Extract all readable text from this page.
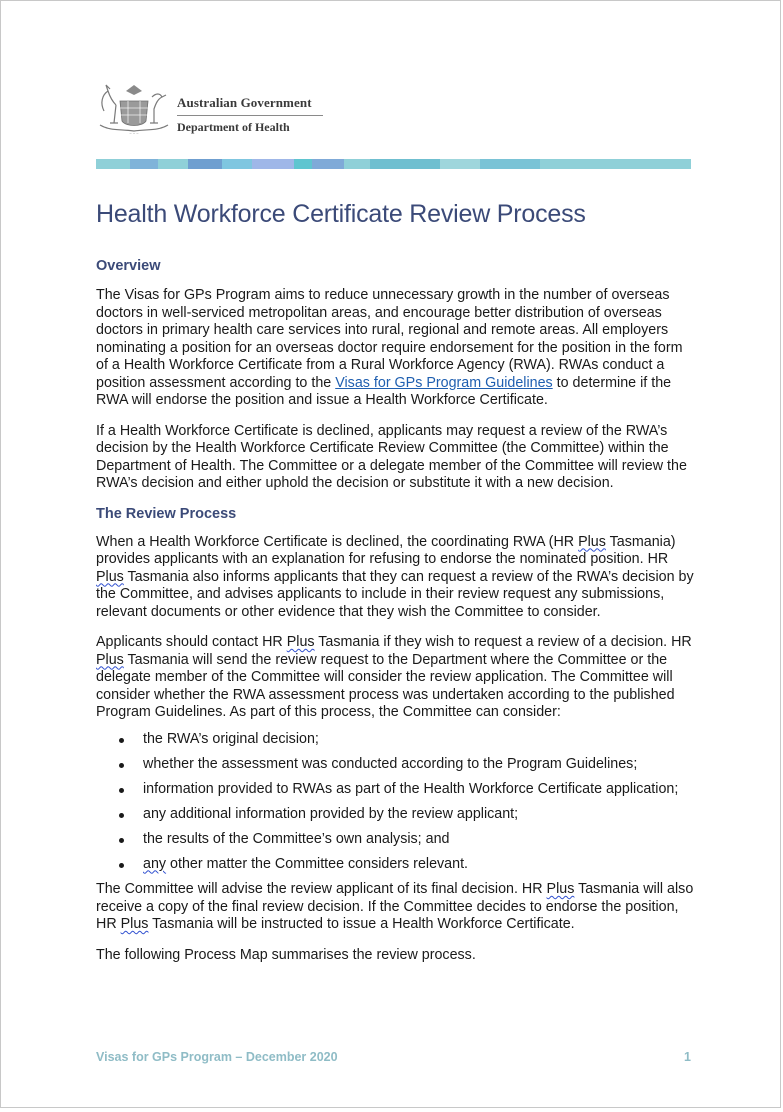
~ ~ ~
Australian Government
Department of Health
Health Workforce Certificate Review Process
Overview

The Visas for GPs Program aims to reduce unnecessary growth in the number of overseas doctors in well-serviced metropolitan areas, and encourage better distribution of overseas doctors in primary health care services into rural, regional and remote areas. All employers nominating a position for an overseas doctor require endorsement for the position in the form of a Health Workforce Certificate from a Rural Workforce Agency (RWA). RWAs conduct a position assessment according to the Visas for GPs Program Guidelines to determine if the RWA will endorse the position and issue a Health Workforce Certificate.

If a Health Workforce Certificate is declined, applicants may request a review of the RWA’s decision by the Health Workforce Certificate Review Committee (the Committee) within the Department of Health. The Committee or a delegate member of the Committee will review the RWA’s decision and either uphold the decision or substitute it with a new decision.

The Review Process

When a Health Workforce Certificate is declined, the coordinating RWA (HR Plus Tasmania) provides applicants with an explanation for refusing to endorse the nominated position. HR Plus Tasmania also informs applicants that they can request a review of the RWA’s decision by the Committee, and advises applicants to include in their review request any submissions, relevant documents or other evidence that they wish the Committee to consider.

Applicants should contact HR Plus Tasmania if they wish to request a review of a decision. HR Plus Tasmania will send the review request to the Department where the Committee or the delegate member of the Committee will consider the review application. The Committee will consider whether the RWA assessment process was undertaken according to the published Program Guidelines. As part of this process, the Committee can consider:

the RWA’s original decision;
whether the assessment was conducted according to the Program Guidelines;
information provided to RWAs as part of the Health Workforce Certificate application;
any additional information provided by the review applicant;
the results of the Committee’s own analysis; and
any other matter the Committee considers relevant.

The Committee will advise the review applicant of its final decision. HR Plus Tasmania will also receive a copy of the final review decision. If the Committee decides to endorse the position, HR Plus Tasmania will be instructed to issue a Health Workforce Certificate.

The following Process Map summarises the review process.

Visas for GPs Program – December 2020	1
